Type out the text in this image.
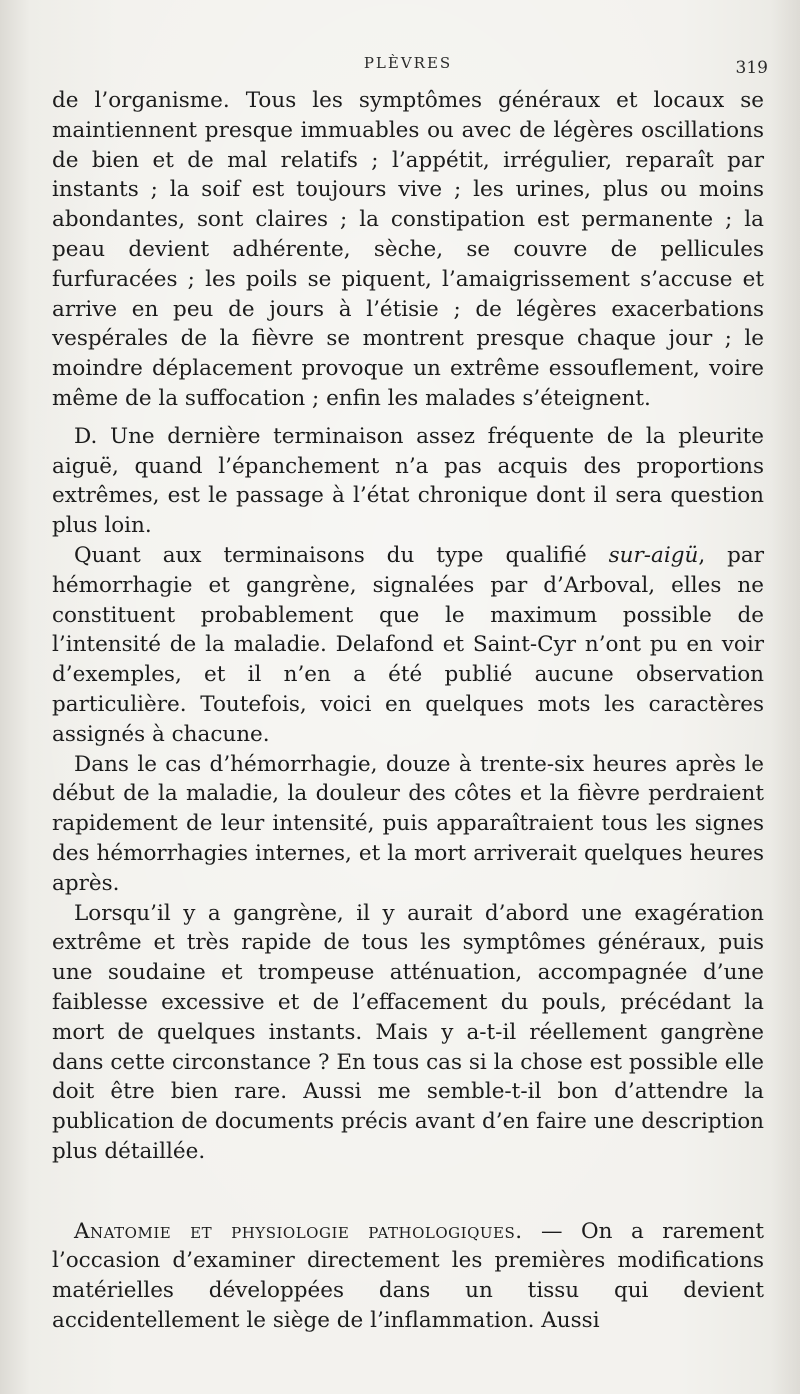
PLÈVRES	319

de l’organisme. Tous les symptômes généraux et locaux se maintiennent presque immuables ou avec de légères oscillations de bien et de mal relatifs ; l’appétit, irrégulier, reparaît par instants ; la soif est toujours vive ; les urines, plus ou moins abondantes, sont claires ; la constipation est permanente ; la peau devient adhérente, sèche, se couvre de pellicules furfuracées ; les poils se piquent, l’amaigrissement s’accuse et arrive en peu de jours à l’étisie ; de légères exacerbations vespérales de la fièvre se montrent presque chaque jour ; le moindre déplacement provoque un extrême essouflement, voire même de la suffocation ; enfin les malades s’éteignent.

D. Une dernière terminaison assez fréquente de la pleurite aiguë, quand l’épanchement n’a pas acquis des proportions extrêmes, est le passage à l’état chronique dont il sera question plus loin.

Quant aux terminaisons du type qualifié sur-aigü, par hémorrhagie et gangrène, signalées par d’Arboval, elles ne constituent probablement que le maximum possible de l’intensité de la maladie. Delafond et Saint-Cyr n’ont pu en voir d’exemples, et il n’en a été publié aucune observation particulière. Toutefois, voici en quelques mots les caractères assignés à chacune.

Dans le cas d’hémorrhagie, douze à trente-six heures après le début de la maladie, la douleur des côtes et la fièvre perdraient rapidement de leur intensité, puis apparaîtraient tous les signes des hémorrhagies internes, et la mort arriverait quelques heures après.

Lorsqu’il y a gangrène, il y aurait d’abord une exagération extrême et très rapide de tous les symptômes généraux, puis une soudaine et trompeuse atténuation, accompagnée d’une faiblesse excessive et de l’effacement du pouls, précédant la mort de quelques instants. Mais y a-t-il réellement gangrène dans cette circonstance ? En tous cas si la chose est possible elle doit être bien rare. Aussi me semble-t-il bon d’attendre la publication de documents précis avant d’en faire une description plus détaillée.

Anatomie et physiologie pathologiques. — On a rarement l’occasion d’examiner directement les premières modifications matérielles développées dans un tissu qui devient accidentellement le siège de l’inflammation. Aussi
